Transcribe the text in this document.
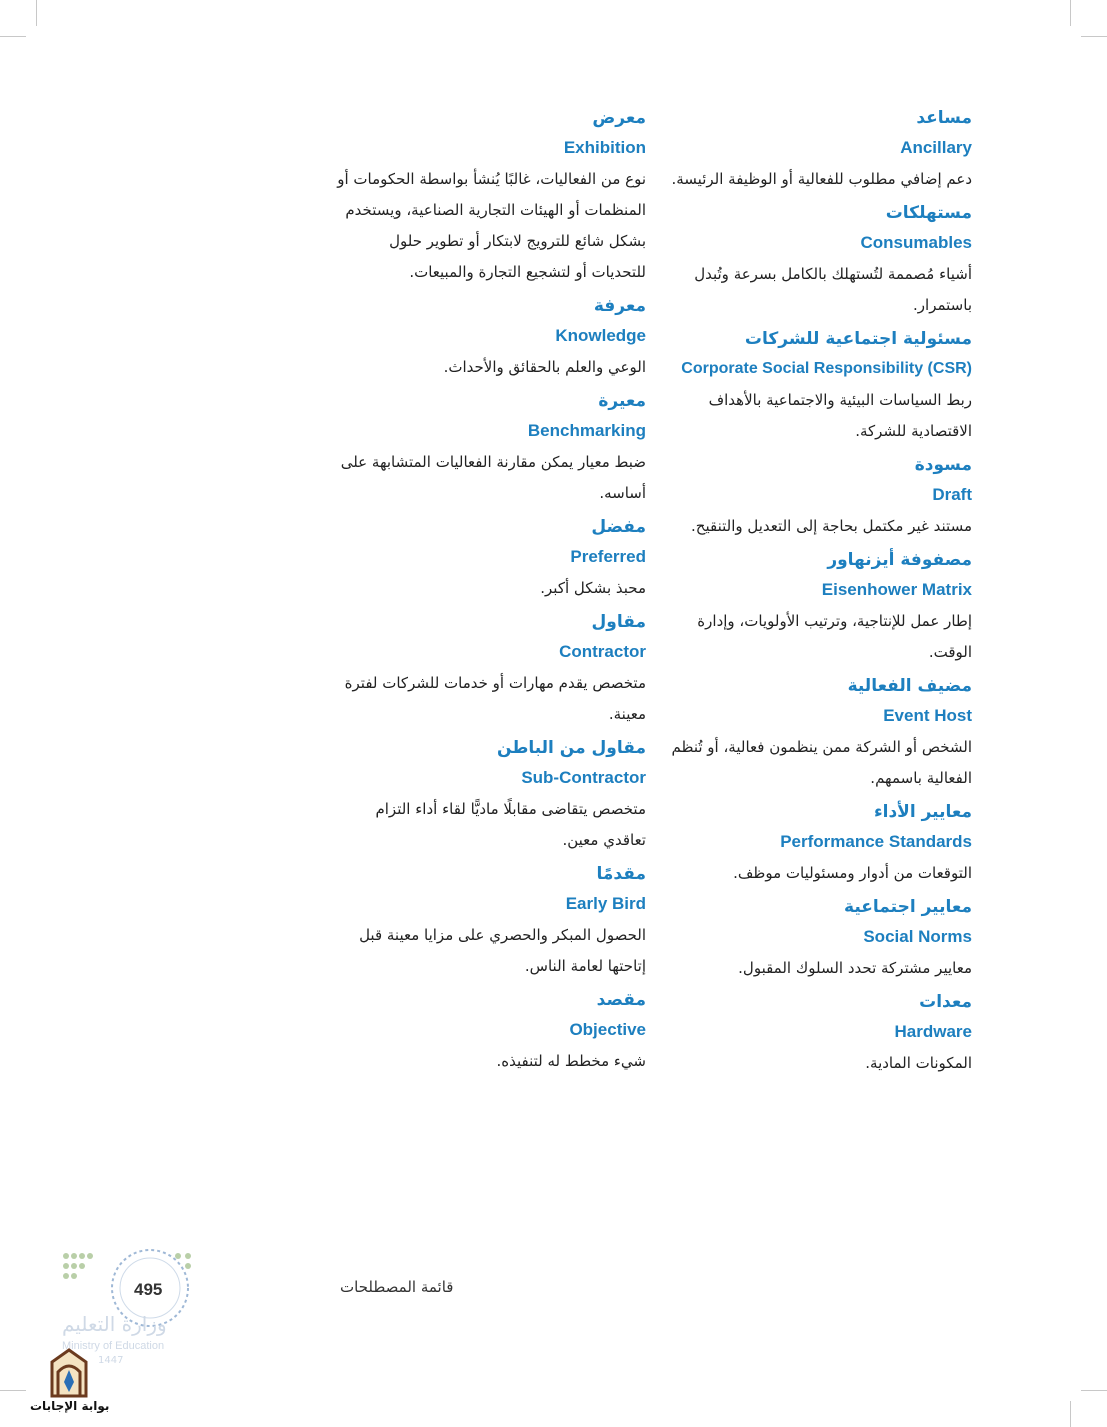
مساعد
Ancillary
دعم إضافي مطلوب للفعالية أو الوظيفة الرئيسة.
مستهلكات
Consumables
أشياء مُصممة لتُستهلك بالكامل بسرعة وتُبدل باستمرار.
مسئولية اجتماعية للشركات
Corporate Social Responsibility (CSR)
ربط السياسات البيئية والاجتماعية بالأهداف الاقتصادية للشركة.
مسودة
Draft
مستند غير مكتمل بحاجة إلى التعديل والتنقيح.
مصفوفة أيزنهاور
Eisenhower Matrix
إطار عمل للإنتاجية، وترتيب الأولويات، وإدارة الوقت.
مضيف الفعالية
Event Host
الشخص أو الشركة ممن ينظمون فعالية، أو تُنظم الفعالية باسمهم.
معايير الأداء
Performance Standards
التوقعات من أدوار ومسئوليات موظف.
معايير اجتماعية
Social Norms
معايير مشتركة تحدد السلوك المقبول.
معدات
Hardware
المكونات المادية.
معرض
Exhibition
نوع من الفعاليات، غالبًا يُنشأ بواسطة الحكومات أو المنظمات أو الهيئات التجارية الصناعية، ويستخدم بشكل شائع للترويج لابتكار أو تطوير حلول للتحديات أو لتشجيع التجارة والمبيعات.
معرفة
Knowledge
الوعي والعلم بالحقائق والأحداث.
معيرة
Benchmarking
ضبط معيار يمكن مقارنة الفعاليات المتشابهة على أساسه.
مفضل
Preferred
محبذ بشكل أكبر.
مقاول
Contractor
متخصص يقدم مهارات أو خدمات للشركات لفترة معينة.
مقاول من الباطن
Sub-Contractor
متخصص يتقاضى مقابلًا ماديًّا لقاء أداء التزام تعاقدي معين.
مقدمًا
Early Bird
الحصول المبكر والحصري على مزايا معينة قبل إتاحتها لعامة الناس.
مقصد
Objective
شيء مخطط له لتنفيذه.
قائمة المصطلحات
495
وزارة التعليم
Ministry of Education
1447
بوابة الإجابات
